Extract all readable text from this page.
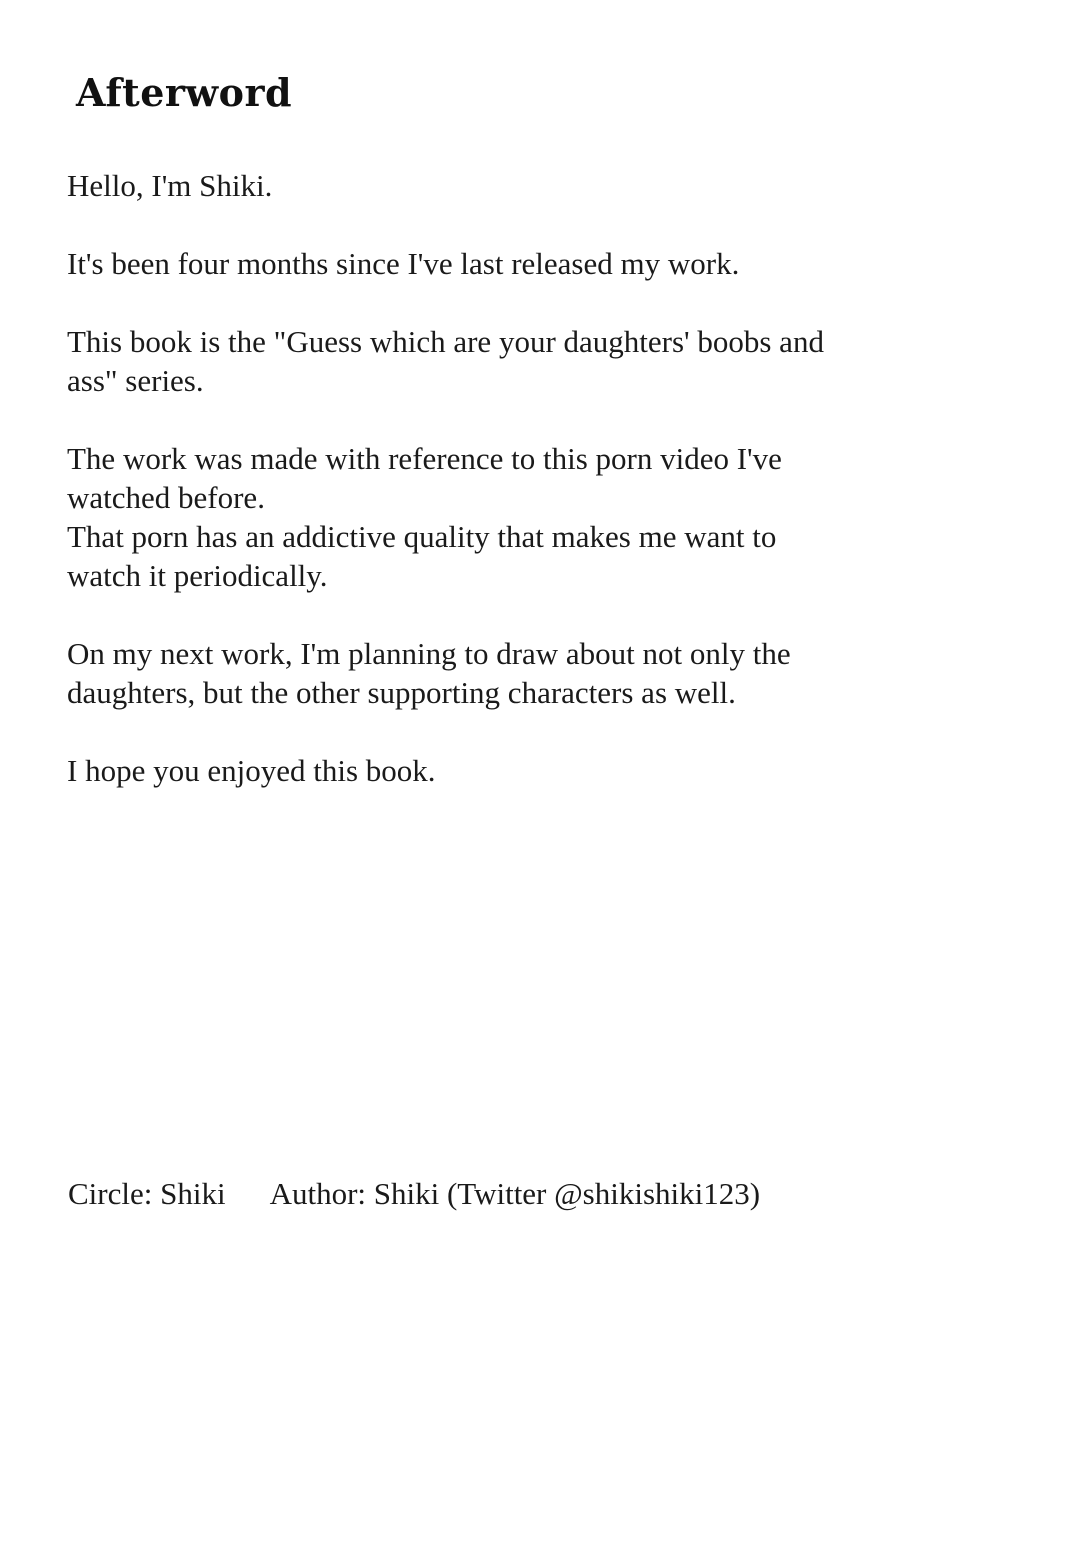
Afterword

Hello, I'm Shiki.

It's been four months since I've last released my work.

This book is the "Guess which are your daughters' boobs and
ass" series.

The work was made with reference to this porn video I've
watched before.
That porn has an addictive quality that makes me want to
watch it periodically.

On my next work, I'm planning to draw about not only the
daughters, but the other supporting characters as well.

I hope you enjoyed this book.

Circle: Shiki Author: Shiki (Twitter @shikishiki123)
